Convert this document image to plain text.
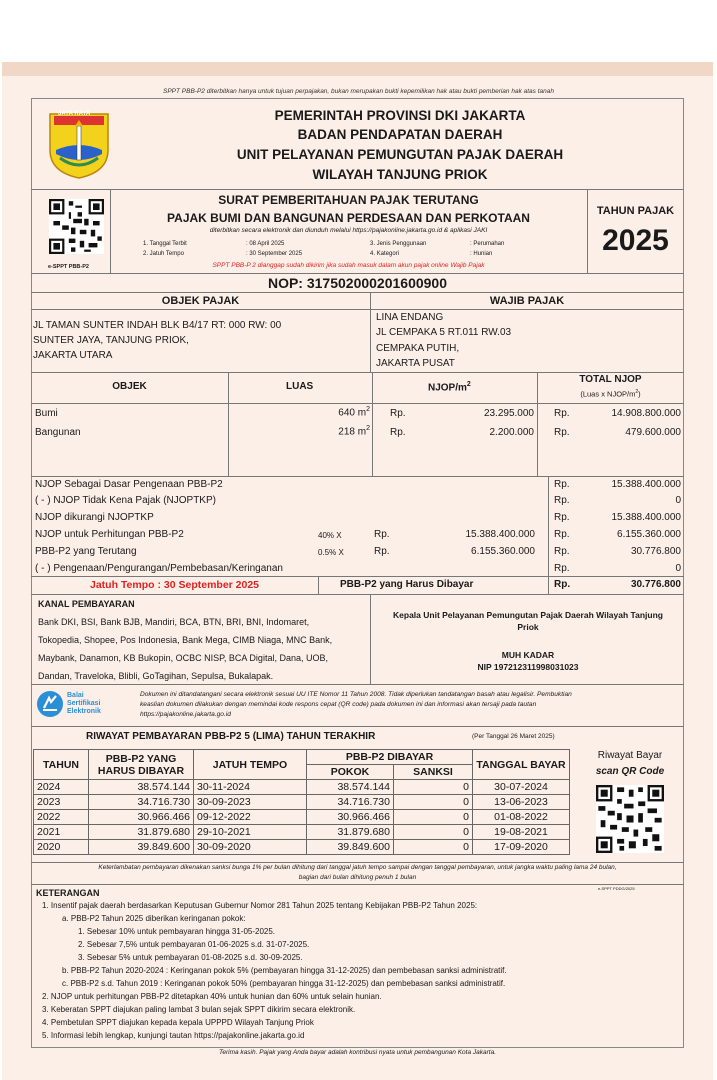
SPPT PBB-P2 diterbitkan hanya untuk tujuan perpajakan, bukan merupakan bukti kepemilikan hak atau bukti pemberian hak atas tanah
JAYA RAYA	PEMERINTAH PROVINSI DKI JAKARTA
BADAN PENDAPATAN DAERAH
UNIT PELAYANAN PEMUNGUTAN PAJAK DAERAH
WILAYAH TANJUNG PRIOK
e-SPPT PBB-P2
SURAT PEMBERITAHUAN PAJAK TERUTANG
PAJAK BUMI DAN BANGUNAN PERDESAAN DAN PERKOTAAN
diterbitkan secara elektronik dan diunduh melalui https://pajakonline.jakarta.go.id & aplikasi JAKI
1. Tanggal Terbit	: 08 April 2025
2. Jatuh Tempo	: 30 September 2025
3. Jenis Penggunaan	: Perumahan
4. Kategori	: Hunian
SPPT PBB-P 2 dianggap sudah dikirim jika sudah masuk dalam akun pajak online Wajib Pajak
TAHUN PAJAK
2025
NOP: 317502000201600900
OBJEK PAJAK	WAJIB PAJAK
JL TAMAN SUNTER INDAH BLK B4/17 RT: 000 RW: 00
SUNTER JAYA, TANJUNG PRIOK,
JAKARTA UTARA
LINA ENDANG
JL CEMPAKA 5 RT.011 RW.03
CEMPAKA PUTIH,
JAKARTA PUSAT
OBJEK	LUAS	NJOP/$m^2$	TOTAL NJOP
(Luas x NJOP/$m^2$)
Bumi	640 $m^2$ Rp.	23.295.000 Rp.	14.908.800.000
Bangunan	218 $m^2$ Rp.	2.200.000 Rp.	479.600.000
NJOP Sebagai Dasar Pengenaan PBB-P2	Rp.	15.388.400.000
( - ) NJOP Tidak Kena Pajak (NJOPTKP)	Rp.	0
NJOP dikurangi NJOPTKP	Rp.	15.388.400.000
NJOP untuk Perhitungan PBB-P2	40% X	Rp.	15.388.400.000 Rp.	6.155.360.000
PBB-P2 yang Terutang	0.5% X	Rp.	6.155.360.000 Rp.	30.776.800
( - ) Pengenaan/Pengurangan/Pembebasan/Keringanan	Rp.	0
Jatuh Tempo : 30 September 2025	PBB-P2 yang Harus Dibayar	Rp.	30.776.800
KANAL PEMBAYARAN
Bank DKI, BSI, Bank BJB, Mandiri, BCA, BTN, BRI, BNI, Indomaret,
Tokopedia, Shopee, Pos Indonesia, Bank Mega, CIMB Niaga, MNC Bank,
Maybank, Danamon, KB Bukopin, OCBC NISP, BCA Digital, Dana, UOB,
Dandan, Traveloka, Blibli, GoTagihan, Sepulsa, Bukalapak.
Kepala Unit Pelayanan Pemungutan Pajak Daerah Wilayah Tanjung
Priok
MUH KADAR
NIP 197212311998031023
Balai
Sertifikasi
Elektronik
Dokumen ini ditandatangani secara elektronik sesuai UU ITE Nomor 11 Tahun 2008. Tidak diperlukan tandatangan basah atau legalisir. Pembuktian
keaslian dokumen dilakukan dengan memindai kode respons cepat (QR code) pada dokumen ini dan informasi akan tersaji pada tautan
https://pajakonline.jakarta.go.id
RIWAYAT PEMBAYARAN PBB-P2 5 (LIMA) TAHUN TERAKHIR	(Per Tanggal 26 Maret 2025)
TAHUN	PBB-P2 YANG
HARUS DIBAYAR	JATUH TEMPO	PBB-P2 DIBAYAR		TANGGAL BAYAR
			POKOK	SANKSI	
2024	38.574.144	30-11-2024	38.574.144	0	30-07-2024
2023	34.716.730	30-09-2023	34.716.730	0	13-06-2023
2022	30.966.466	09-12-2022	30.966.466	0	01-08-2022
2021	31.879.680	29-10-2021	31.879.680	0	19-08-2021
2020	39.849.600	30-09-2020	39.849.600	0	17-09-2020
Riwayat Bayar
scan QR Code
Keterlambatan pembayaran dikenakan sanksi bunga 1% per bulan dihitung dari tanggal jatuh tempo sampai dengan tanggal pembayaran, untuk jangka waktu paling lama 24 bulan,
bagian dari bulan dihitung penuh 1 bulan
e-SPPT PDDG/2025
KETERANGAN
1. Insentif pajak daerah berdasarkan Keputusan Gubernur Nomor 281 Tahun 2025 tentang Kebijakan PBB-P2 Tahun 2025:
a. PBB-P2 Tahun 2025 diberikan keringanan pokok:
1. Sebesar 10% untuk pembayaran hingga 31-05-2025.
2. Sebesar 7,5% untuk pembayaran 01-06-2025 s.d. 31-07-2025.
3. Sebesar 5% untuk pembayaran 01-08-2025 s.d. 30-09-2025.
b. PBB-P2 Tahun 2020-2024 : Keringanan pokok 5% (pembayaran hingga 31-12-2025) dan pembebasan sanksi administratif.
c. PBB-P2 s.d. Tahun 2019 : Keringanan pokok 50% (pembayaran hingga 31-12-2025) dan pembebasan sanksi administratif.
2. NJOP untuk perhitungan PBB-P2 ditetapkan 40% untuk hunian dan 60% untuk selain hunian.
3. Keberatan SPPT diajukan paling lambat 3 bulan sejak SPPT dikirim secara elektronik.
4. Pembetulan SPPT diajukan kepada kepala UPPPD Wilayah Tanjung Priok
5. Informasi lebih lengkap, kunjungi tautan https://pajakonline.jakarta.go.id
Terima kasih. Pajak yang Anda bayar adalah kontribusi nyata untuk pembangunan Kota Jakarta.
